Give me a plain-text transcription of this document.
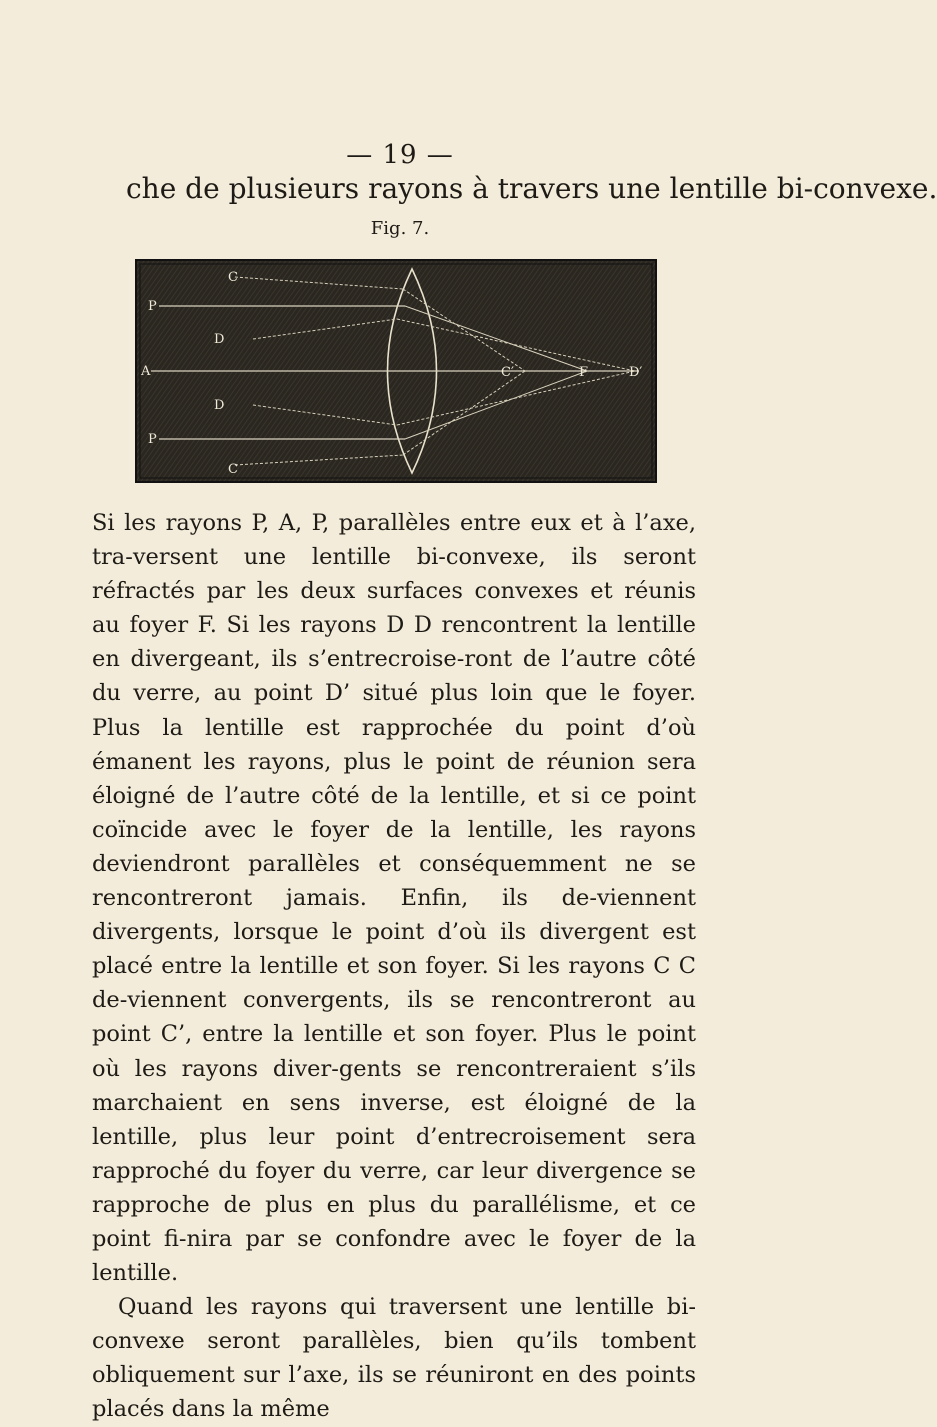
— 19 —
che de plusieurs rayons à travers une lentille bi-convexe.
Fig. 7.
C
P
D
A
D
P
C
C′	F	D′

Si les rayons P, A, P, parallèles entre eux et à l’axe, tra-versent une lentille bi-convexe, ils seront réfractés par les deux surfaces convexes et réunis au foyer F. Si les rayons D D rencontrent la lentille en divergeant, ils s’entrecroise-ront de l’autre côté du verre, au point D’ situé plus loin que le foyer. Plus la lentille est rapprochée du point d’où émanent les rayons, plus le point de réunion sera éloigné de l’autre côté de la lentille, et si ce point coïncide avec le foyer de la lentille, les rayons deviendront parallèles et conséquemment ne se rencontreront jamais. Enfin, ils de-viennent divergents, lorsque le point d’où ils divergent est placé entre la lentille et son foyer. Si les rayons C C de-viennent convergents, ils se rencontreront au point C’, entre la lentille et son foyer. Plus le point où les rayons diver-gents se rencontreraient s’ils marchaient en sens inverse, est éloigné de la lentille, plus leur point d’entrecroisement sera rapproché du foyer du verre, car leur divergence se rapproche de plus en plus du parallélisme, et ce point fi-nira par se confondre avec le foyer de la lentille.

Quand les rayons qui traversent une lentille bi-convexe seront parallèles, bien qu’ils tombent obliquement sur l’axe, ils se réuniront en des points placés dans la même
